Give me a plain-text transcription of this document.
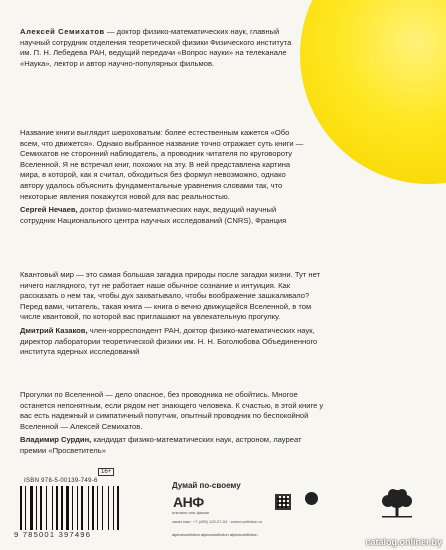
Алексей Семихатов — доктор физико-математических наук, главный научный сотрудник отделения теоретической физики Физического института им. П. Н. Лебедева РАН, ведущий передачи «Вопрос науки» на телеканале «Наука», лектор и автор научно-популярных фильмов.
Название книги выглядит шероховатым: более естественным кажется «Обо всем, что движется». Однако выбранное название точно отражает суть книги — Семихатов не сторонний наблюдатель, а проводник читателя по круговороту Вселенной. Я не встречал книг, похожих на эту. В ней представлена картина мира, в которой, как я считал, обходиться без формул невозможно, однако автору удалось объяснить фундаментальные уравнения словами так, что некоторые явления покажутся новой для вас реальностью.
Сергей Нечаев, доктор физико-математических наук, ведущий научный сотрудник Национального центра научных исследований (CNRS), Франция
Квантовый мир — это самая большая загадка природы после загадки жизни. Тут нет ничего наглядного, тут не работает наше обычное сознание и интуиция. Как рассказать о нем так, чтобы дух захватывало, чтобы воображение зашкаливало? Перед вами, читатель, такая книга — книга о вечно движущейся Вселенной, в том числе квантовой, по которой вас приглашают на увлекательную прогулку.
Дмитрий Казаков, член-корреспондент РАН, доктор физико-математических наук, директор лаборатории теоретической физики им. Н. Н. Боголюбова Объединенного института ядерных исследований
Прогулки по Вселенной — дело опасное, без проводника не обойтись. Многое останется непонятным, если рядом нет знающего человека. К счастью, в этой книге у вас есть надежный и симпатичный попутчик, опытный проводник по беспокойной Вселенной — Алексей Семихатов.
Владимир Сурдин, кандидат физико-математических наук, астроном, лауреат премии «Просветитель»
ISBN 978-5-00139-749-6
9 785001 397496
16+
Думай по-своему
АНФ
альпина нон-фикшн
заказ книг: +7 (495) 120-07-04 · www.nonfiction.ru
alpinanonfiction alpinanonfiction alpinanonfiction
catalog.onliner.by
